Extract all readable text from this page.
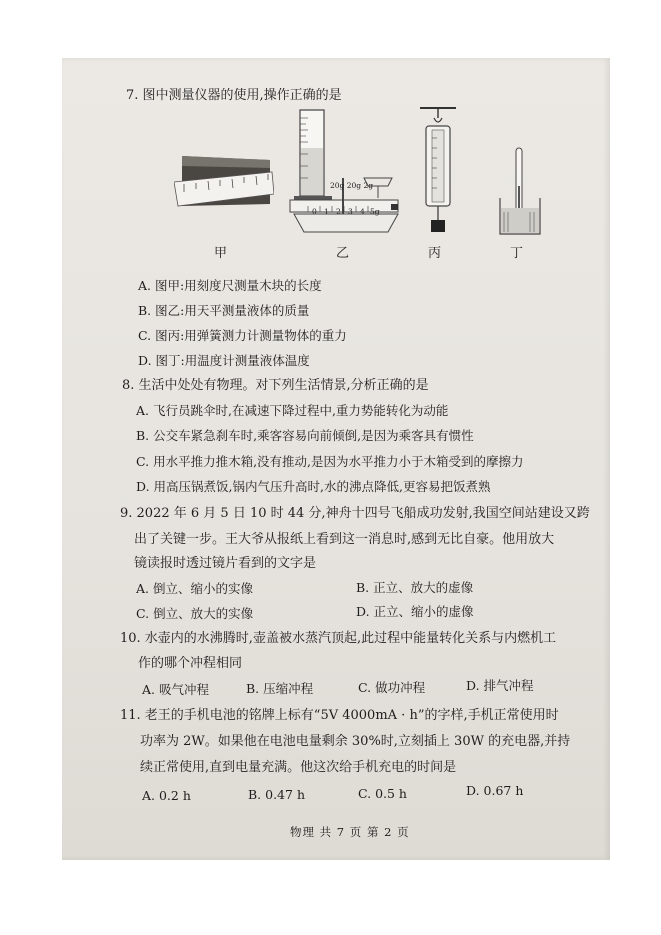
7. 图中测量仪器的使用,操作正确的是
20g 20g 2g
0 1 2 3 4 5g
甲	乙	丙	丁
A. 图甲:用刻度尺测量木块的长度
B. 图乙:用天平测量液体的质量
C. 图丙:用弹簧测力计测量物体的重力
D. 图丁:用温度计测量液体温度
8. 生活中处处有物理。对下列生活情景,分析正确的是
A. 飞行员跳伞时,在减速下降过程中,重力势能转化为动能
B. 公交车紧急刹车时,乘客容易向前倾倒,是因为乘客具有惯性
C. 用水平推力推木箱,没有推动,是因为水平推力小于木箱受到的摩擦力
D. 用高压锅煮饭,锅内气压升高时,水的沸点降低,更容易把饭煮熟
9. 2022 年 6 月 5 日 10 时 44 分,神舟十四号飞船成功发射,我国空间站建设又跨
出了关键一步。王大爷从报纸上看到这一消息时,感到无比自豪。他用放大
镜读报时透过镜片看到的文字是
A. 倒立、缩小的实像	B. 正立、放大的虚像
C. 倒立、放大的实像	D. 正立、缩小的虚像
10. 水壶内的水沸腾时,壶盖被水蒸汽顶起,此过程中能量转化关系与内燃机工
作的哪个冲程相同
A. 吸气冲程	B. 压缩冲程	C. 做功冲程	D. 排气冲程
11. 老王的手机电池的铭牌上标有“5V 4000mA · h”的字样,手机正常使用时
功率为 2W。如果他在电池电量剩余 30%时,立刻插上 30W 的充电器,并持
续正常使用,直到电量充满。他这次给手机充电的时间是
A. 0.2 h	B. 0.47 h	C. 0.5 h	D. 0.67 h
物理 共 7 页 第 2 页
